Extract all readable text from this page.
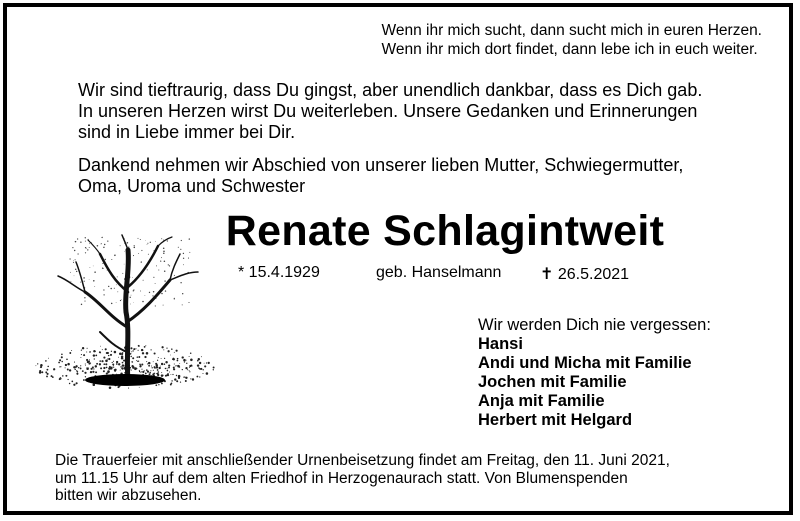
Wenn ihr mich sucht, dann sucht mich in euren Herzen.
Wenn ihr mich dort findet, dann lebe ich in euch weiter.
Wir sind tieftraurig, dass Du gingst, aber unendlich dankbar, dass es Dich gab.
In unseren Herzen wirst Du weiterleben. Unsere Gedanken und Erinnerungen
sind in Liebe immer bei Dir.
Dankend nehmen wir Abschied von unserer lieben Mutter, Schwiegermutter,
Oma, Uroma und Schwester
Renate Schlagintweit
* 15.4.1929	geb. Hanselmann ✝ 26.5.2021
Wir werden Dich nie vergessen:
Hansi
Andi und Micha mit Familie
Jochen mit Familie
Anja mit Familie
Herbert mit Helgard
Die Trauerfeier mit anschließender Urnenbeisetzung findet am Freitag, den 11. Juni 2021,
um 11.15 Uhr auf dem alten Friedhof in Herzogenaurach statt. Von Blumenspenden
bitten wir abzusehen.
